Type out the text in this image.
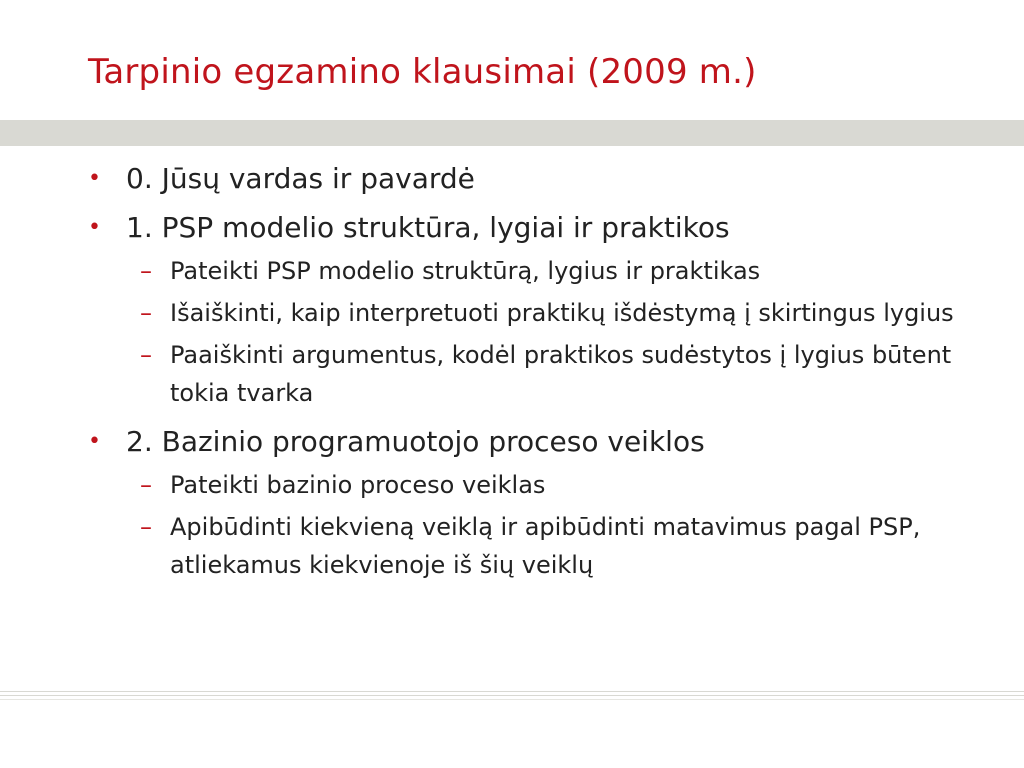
Tarpinio egzamino klausimai (2009 m.)
• 0. Jūsų vardas ir pavardė
• 1. PSP modelio struktūra, lygiai ir praktikos
– Pateikti PSP modelio struktūrą, lygius ir praktikas
– Išaiškinti, kaip interpretuoti praktikų išdėstymą į skirtingus lygius
– Paaiškinti argumentus, kodėl praktikos sudėstytos į lygius būtent tokia tvarka
• 2. Bazinio programuotojo proceso veiklos
– Pateikti bazinio proceso veiklas
– Apibūdinti kiekvieną veiklą ir apibūdinti matavimus pagal PSP, atliekamus kiekvienoje iš šių veiklų
